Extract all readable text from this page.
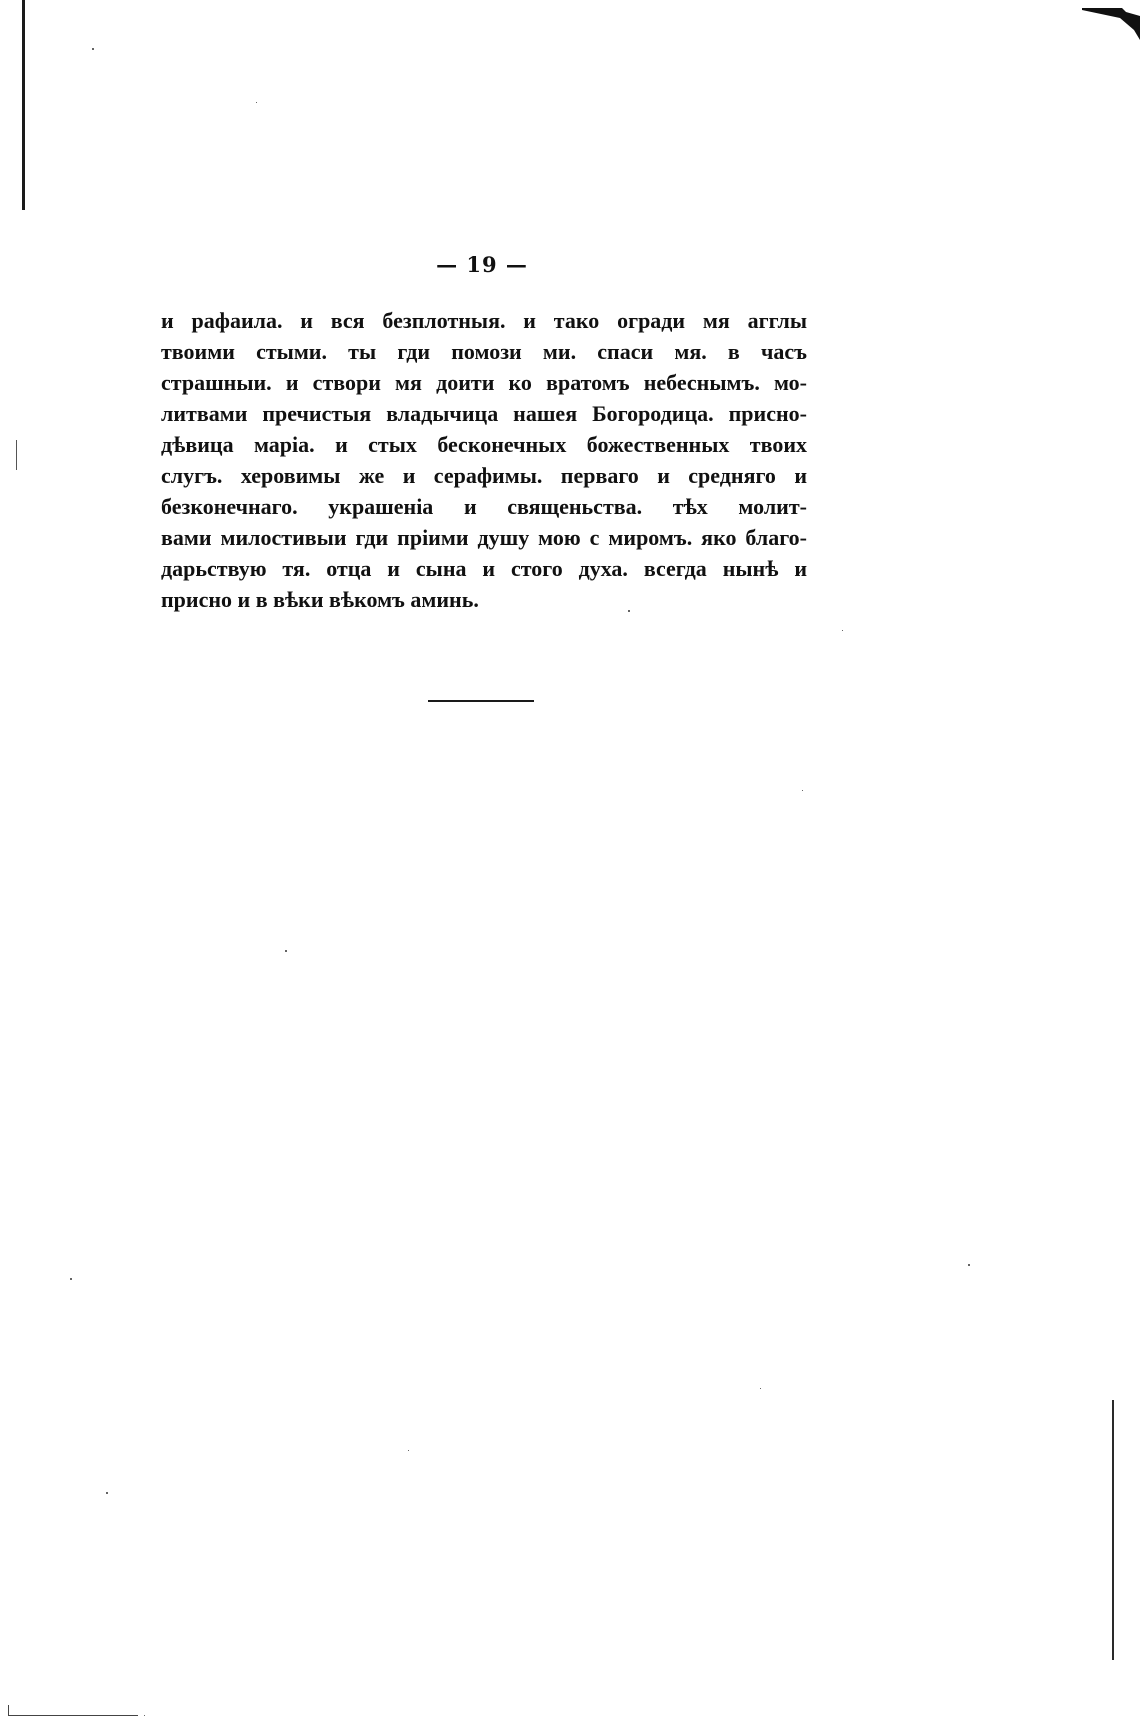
— 19 —
и рафаила. и вся безплотныя. и тако огради мя агглы
твоими стыми. ты гди помози ми. спаси мя. в часъ
страшныи. и створи мя доити ко вратомъ небеснымъ. мо-
литвами пречистыя владычица нашея Богородица. присно-
дѣвица марiа. и стых бесконечных божественных твоих
слугъ. херовимы же и серафимы. перваго и средняго и
безконечнаго. украшенiа и священьства. тѣх молит-
вами милостивыи гди прiими душу мою с миромъ. яко благо-
дарьствую тя. отца и сына и стого духа. всегда нынѣ и
присно и в вѣки вѣкомъ аминь.
